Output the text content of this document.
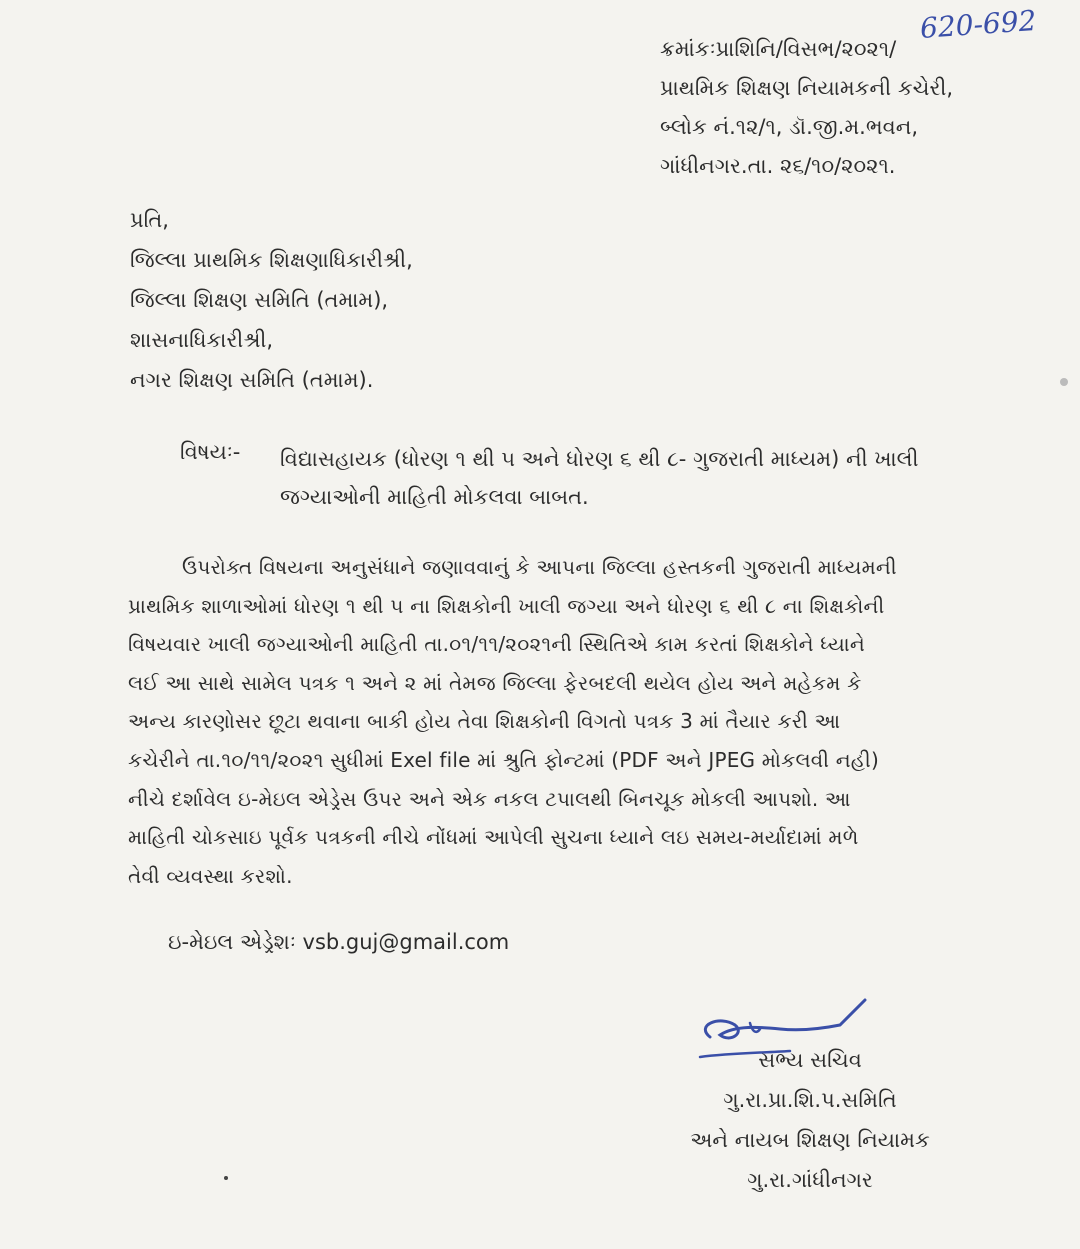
ક્રમાંકઃપ્રાશિનિ/વિસભ/૨૦૨૧/
પ્રાથમિક શિક્ષણ નિયામકની કચેરી,
બ્લોક નં.૧૨/૧, ડૉ.જી.મ.ભવન,
ગાંધીનગર.તા. ૨૬/૧૦/૨૦૨૧.
620-692
પ્રતિ,
જિલ્લા પ્રાથમિક શિક્ષણાધિકારીશ્રી,
જિલ્લા શિક્ષણ સમિતિ (તમામ),
શાસનાધિકારીશ્રી,
નગર શિક્ષણ સમિતિ (તમામ).
વિષયઃ- વિદ્યાસહાયક (ધોરણ ૧ થી ૫ અને ધોરણ ૬ થી ૮- ગુજરાતી માધ્યમ) ની ખાલી
જગ્યાઓની માહિતી મોકલવા બાબત.
ઉપરોક્ત વિષયના અનુસંધાને જણાવવાનું કે આપના જિલ્લા હસ્તકની ગુજરાતી માધ્યમની
પ્રાથમિક શાળાઓમાં ધોરણ ૧ થી ૫ ના શિક્ષકોની ખાલી જગ્યા અને ધોરણ ૬ થી ૮ ના શિક્ષકોની
વિષયવાર ખાલી જગ્યાઓની માહિતી તા.૦૧/૧૧/૨૦૨૧ની સ્થિતિએ કામ કરતાં શિક્ષકોને ધ્યાને
લઈ આ સાથે સામેલ પત્રક ૧ અને ૨ માં તેમજ જિલ્લા ફેરબદલી થયેલ હોય અને મહેકમ કે
અન્ય કારણોસર છૂટા થવાના બાકી હોય તેવા શિક્ષકોની વિગતો પત્રક 3 માં તૈયાર કરી આ
કચેરીને તા.૧૦/૧૧/૨૦૨૧ સુધીમાં Exel file માં શ્રુતિ ફોન્ટમાં (PDF અને JPEG મોકલવી નહી)
નીચે દર્શાવેલ ઇ-મેઇલ એડ્રેસ ઉપર અને એક નકલ ટપાલથી બિનચૂક મોકલી આપશો. આ
માહિતી ચોકસાઇ પૂર્વક પત્રકની નીચે નોંધમાં આપેલી સુચના ધ્યાને લઇ સમય-મર્યાદામાં મળે
તેવી વ્યવસ્થા કરશો.
ઇ-મેઇલ એડ્રેશઃ vsb.guj@gmail.com
સભ્ય સચિવ
ગુ.રા.પ્રા.શિ.પ.સમિતિ
અને નાયબ શિક્ષણ નિયામક
ગુ.રા.ગાંધીનગર
